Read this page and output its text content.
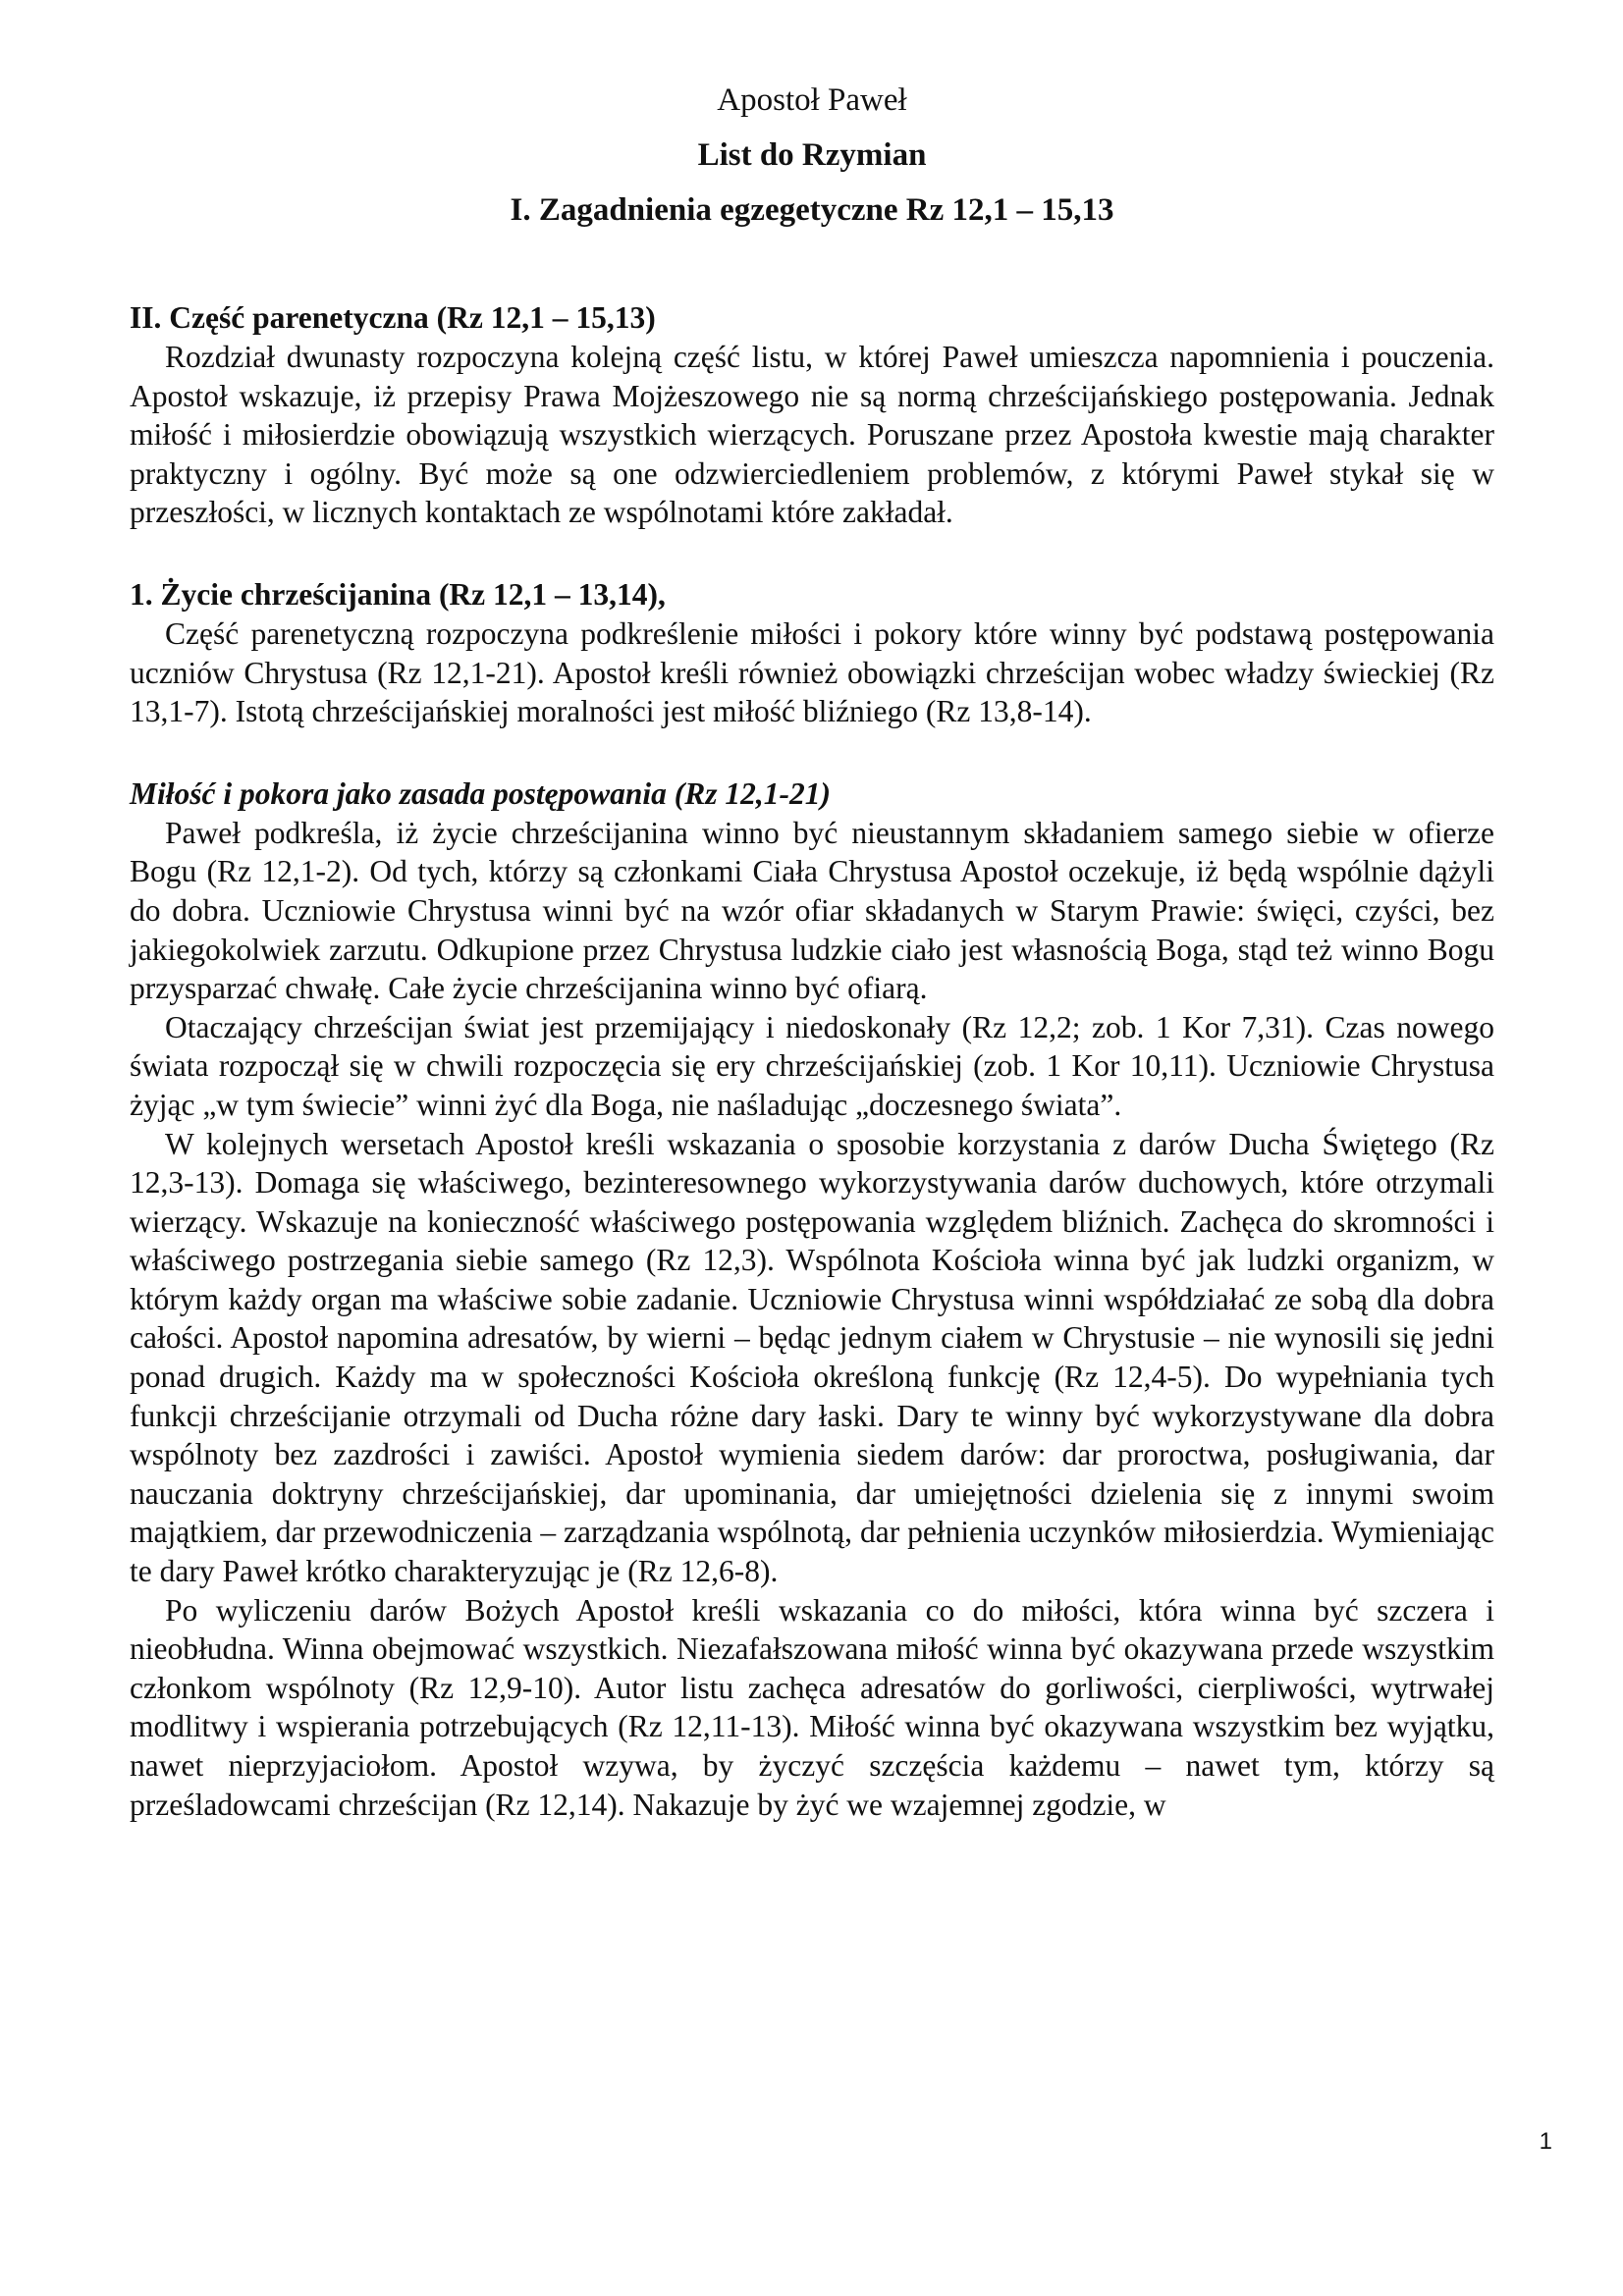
Apostoł Paweł
List do Rzymian
I. Zagadnienia egzegetyczne Rz 12,1 – 15,13
II. Część parenetyczna (Rz 12,1 – 15,13)

Rozdział dwunasty rozpoczyna kolejną część listu, w której Paweł umieszcza napomnienia i pouczenia. Apostoł wskazuje, iż przepisy Prawa Mojżeszowego nie są normą chrześcijańskiego postępowania. Jednak miłość i miłosierdzie obowiązują wszystkich wierzących. Poruszane przez Apostoła kwestie mają charakter praktyczny i ogólny. Być może są one odzwierciedleniem problemów, z którymi Paweł stykał się w przeszłości, w licznych kontaktach ze wspólnotami które zakładał.

1. Życie chrześcijanina (Rz 12,1 – 13,14),

Część parenetyczną rozpoczyna podkreślenie miłości i pokory które winny być podstawą postępowania uczniów Chrystusa (Rz 12,1-21). Apostoł kreśli również obowiązki chrześcijan wobec władzy świeckiej (Rz 13,1-7). Istotą chrześcijańskiej moralności jest miłość bliźniego (Rz 13,8-14).

Miłość i pokora jako zasada postępowania (Rz 12,1-21)

Paweł podkreśla, iż życie chrześcijanina winno być nieustannym składaniem samego siebie w ofierze Bogu (Rz 12,1-2). Od tych, którzy są członkami Ciała Chrystusa Apostoł oczekuje, iż będą wspólnie dążyli do dobra. Uczniowie Chrystusa winni być na wzór ofiar składanych w Starym Prawie: święci, czyści, bez jakiegokolwiek zarzutu. Odkupione przez Chrystusa ludzkie ciało jest własnością Boga, stąd też winno Bogu przysparzać chwałę. Całe życie chrześcijanina winno być ofiarą.

Otaczający chrześcijan świat jest przemijający i niedoskonały (Rz 12,2; zob. 1 Kor 7,31). Czas nowego świata rozpoczął się w chwili rozpoczęcia się ery chrześcijańskiej (zob. 1 Kor 10,11). Uczniowie Chrystusa żyjąc „w tym świecie” winni żyć dla Boga, nie naśladując „doczesnego świata”.

W kolejnych wersetach Apostoł kreśli wskazania o sposobie korzystania z darów Ducha Świętego (Rz 12,3-13). Domaga się właściwego, bezinteresownego wykorzystywania darów duchowych, które otrzymali wierzący. Wskazuje na konieczność właściwego postępowania względem bliźnich. Zachęca do skromności i właściwego postrzegania siebie samego (Rz 12,3). Wspólnota Kościoła winna być jak ludzki organizm, w którym każdy organ ma właściwe sobie zadanie. Uczniowie Chrystusa winni współdziałać ze sobą dla dobra całości. Apostoł napomina adresatów, by wierni – będąc jednym ciałem w Chrystusie – nie wynosili się jedni ponad drugich. Każdy ma w społeczności Kościoła określoną funkcję (Rz 12,4-5). Do wypełniania tych funkcji chrześcijanie otrzymali od Ducha różne dary łaski. Dary te winny być wykorzystywane dla dobra wspólnoty bez zazdrości i zawiści. Apostoł wymienia siedem darów: dar proroctwa, posługiwania, dar nauczania doktryny chrześcijańskiej, dar upominania, dar umiejętności dzielenia się z innymi swoim majątkiem, dar przewodniczenia – zarządzania wspólnotą, dar pełnienia uczynków miłosierdzia. Wymieniając te dary Paweł krótko charakteryzując je (Rz 12,6-8).

Po wyliczeniu darów Bożych Apostoł kreśli wskazania co do miłości, która winna być szczera i nieobłudna. Winna obejmować wszystkich. Niezafałszowana miłość winna być okazywana przede wszystkim członkom wspólnoty (Rz 12,9-10). Autor listu zachęca adresatów do gorliwości, cierpliwości, wytrwałej modlitwy i wspierania potrzebujących (Rz 12,11-13). Miłość winna być okazywana wszystkim bez wyjątku, nawet nieprzyjaciołom. Apostoł wzywa, by życzyć szczęścia każdemu – nawet tym, którzy są prześladowcami chrześcijan (Rz 12,14). Nakazuje by żyć we wzajemnej zgodzie, w

1
